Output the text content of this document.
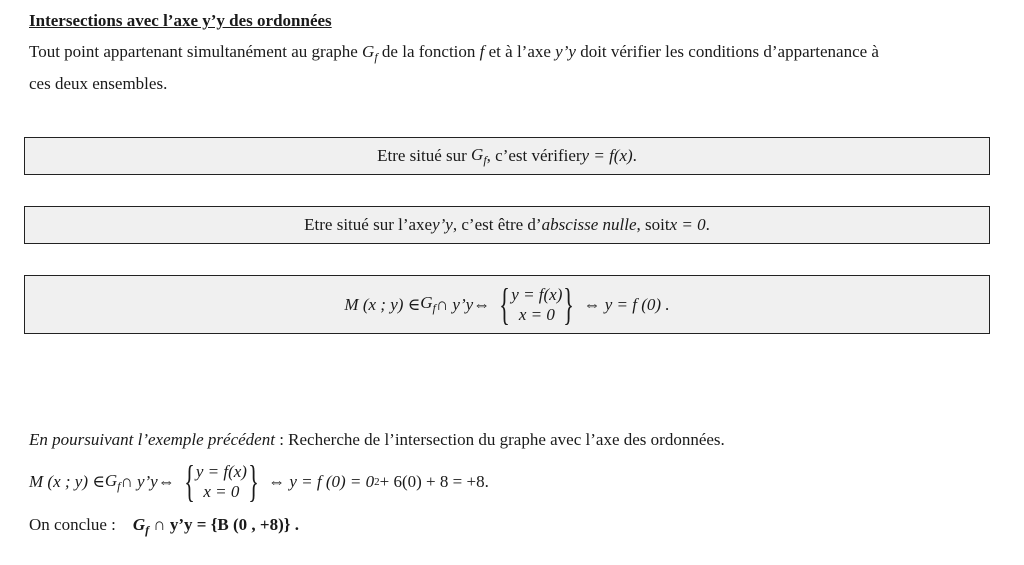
Intersections avec l’axe y’y des ordonnées
Tout point appartenant simultanément au graphe $G_f$ de la fonction f et à l’axe y’y doit vérifier les conditions d’appartenance à
ces deux ensembles.
Etre situé sur $G_f$ , c’est vérifier y = f(x) .
Etre situé sur l’axe y’y , c’est être d’ abscisse nulle , soit x = 0 .
M (x ; y) ∈ $G_f$ ∩ y’y ⇔ { y = f(x)
x = 0 } ⇔
y = f (0) .
En poursuivant l’exemple précédent : Recherche de l’intersection du graphe avec l’axe des ordonnées.
M (x ; y) ∈ $G_f$ ∩ y’y ⇔ { y = f(x)
x = 0 } ⇔
y = f (0) = 0 2 + 6(0) + 8 = +8.
On conclue :    $G_f$ ∩ y’y = {B (0 , +8)} .
